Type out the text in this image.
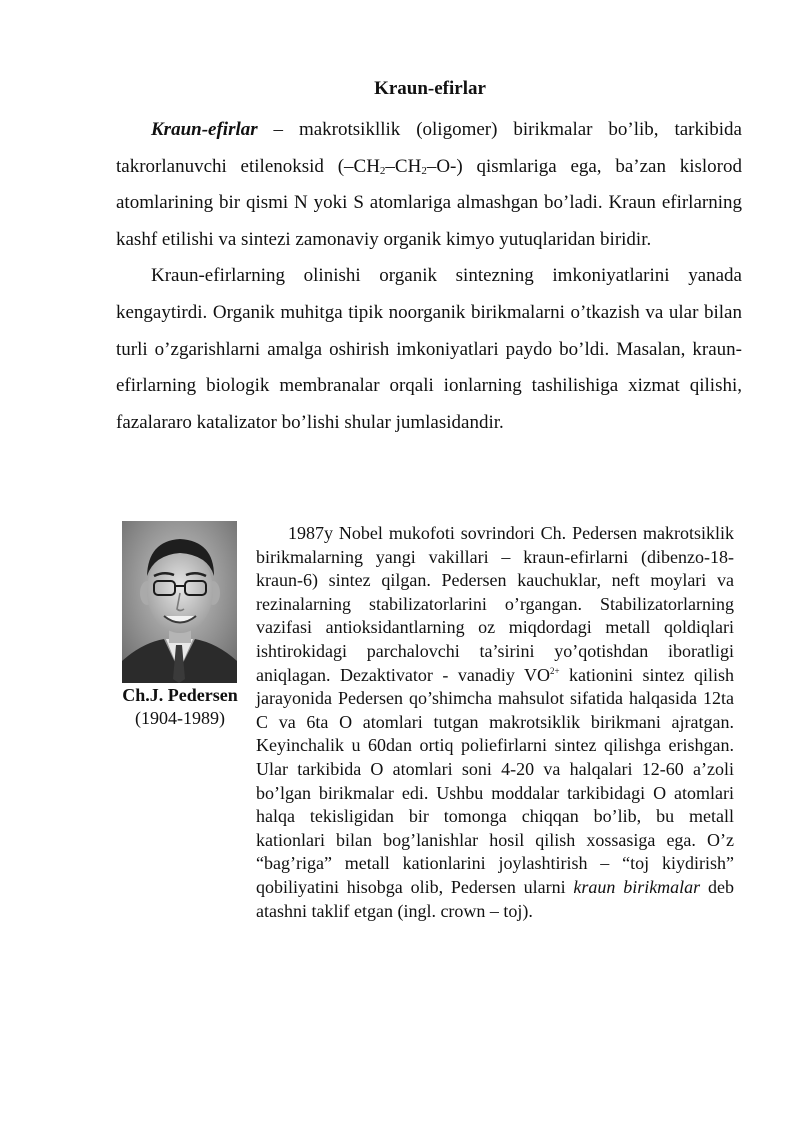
Kraun-efirlar

Kraun-efirlar – makrotsikllik (oligomer) birikmalar bo’lib, tarkibida takrorlanuvchi etilenoksid $(-CH_2-CH_2-O-)$ qismlariga ega, ba’zan kislorod atomlarining bir qismi N yoki S atomlariga almashgan bo’ladi. Kraun efirlarning kashf etilishi va sintezi zamonaviy organik kimyo yutuqlaridan biridir.

Kraun-efirlarning olinishi organik sintezning imkoniyatlarini yanada kengaytirdi. Organik muhitga tipik noorganik birikmalarni o’tkazish va ular bilan turli o’zgarishlarni amalga oshirish imkoniyatlari paydo bo’ldi. Masalan, kraun-efirlarning biologik membranalar orqali ionlarning tashilishiga xizmat qilishi, fazalararo katalizator bo’lishi shular jumlasidandir.

Ch.J. Pedersen
(1904-1989)

1987y Nobel mukofoti sovrindori Ch. Pedersen makrotsiklik birikmalarning yangi vakillari – kraun-efirlarni (dibenzo-18-kraun-6) sintez qilgan. Pedersen kauchuklar, neft moylari va rezinalarning stabilizatorlarini o’rgangan. Stabilizatorlarning vazifasi antioksidantlarning oz miqdordagi metall qoldiqlari ishtirokidagi parchalovchi ta’sirini yo’qotishdan iboratligi aniqlagan. Dezaktivator - vanadiy $VO^{2+}$ kationini sintez qilish jarayonida Pedersen qo’shimcha mahsulot sifatida halqasida 12ta C va 6ta O atomlari tutgan makrotsiklik birikmani ajratgan. Keyinchalik u 60dan ortiq poliefirlarni sintez qilishga erishgan. Ular tarkibida O atomlari soni 4-20 va halqalari 12-60 a’zoli bo’lgan birikmalar edi. Ushbu moddalar tarkibidagi O atomlari halqa tekisligidan bir tomonga chiqqan bo’lib, bu metall kationlari bilan bog’lanishlar hosil qilish xossasiga ega. O’z “bag’riga” metall kationlarini joylashtirish – “toj kiydirish” qobiliyatini hisobga olib, Pedersen ularni kraun birikmalar deb atashni taklif etgan (ingl. crown – toj).
